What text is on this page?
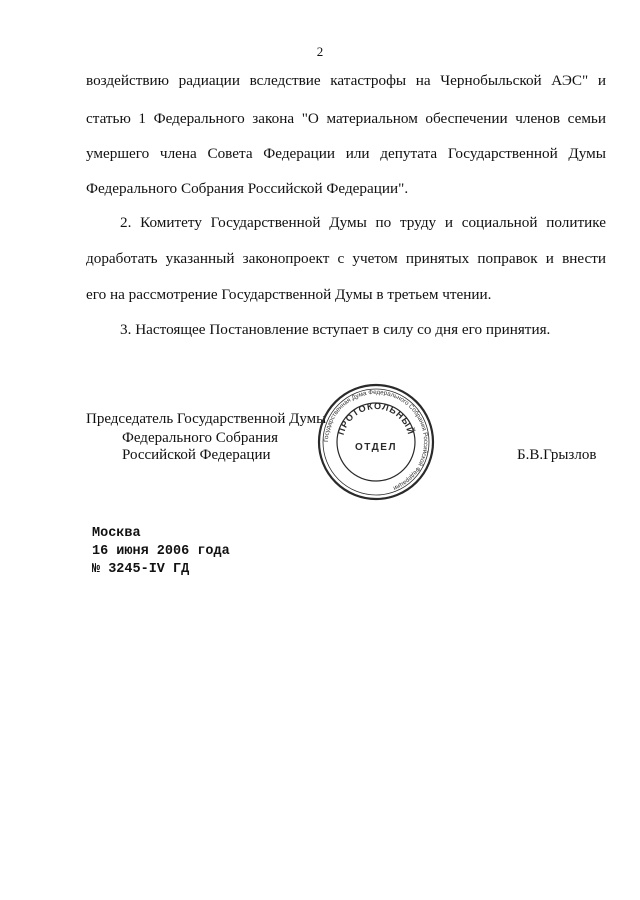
2
воздействию радиации вследствие катастрофы на Чернобыльской АЭС" и
статью 1 Федерального закона "О материальном обеспечении членов семьи
умершего члена Совета Федерации или депутата Государственной Думы
Федерального Собрания Российской Федерации".
2. Комитету Государственной Думы по труду и социальной политике
доработать указанный законопроект с учетом принятых поправок и внести
его на рассмотрение Государственной Думы в третьем чтении.
3. Настоящее Постановление вступает в силу со дня его принятия.
Председатель Государственной Думы
Федерального Собрания
Российской Федерации	Б.В.Грызлов
Государственная Дума Федерального Собрания Российской Федерации
ПРОТОКОЛЬНЫЙ
ОТДЕЛ
Москва
16 июня 2006 года
№ 3245-IV ГД
